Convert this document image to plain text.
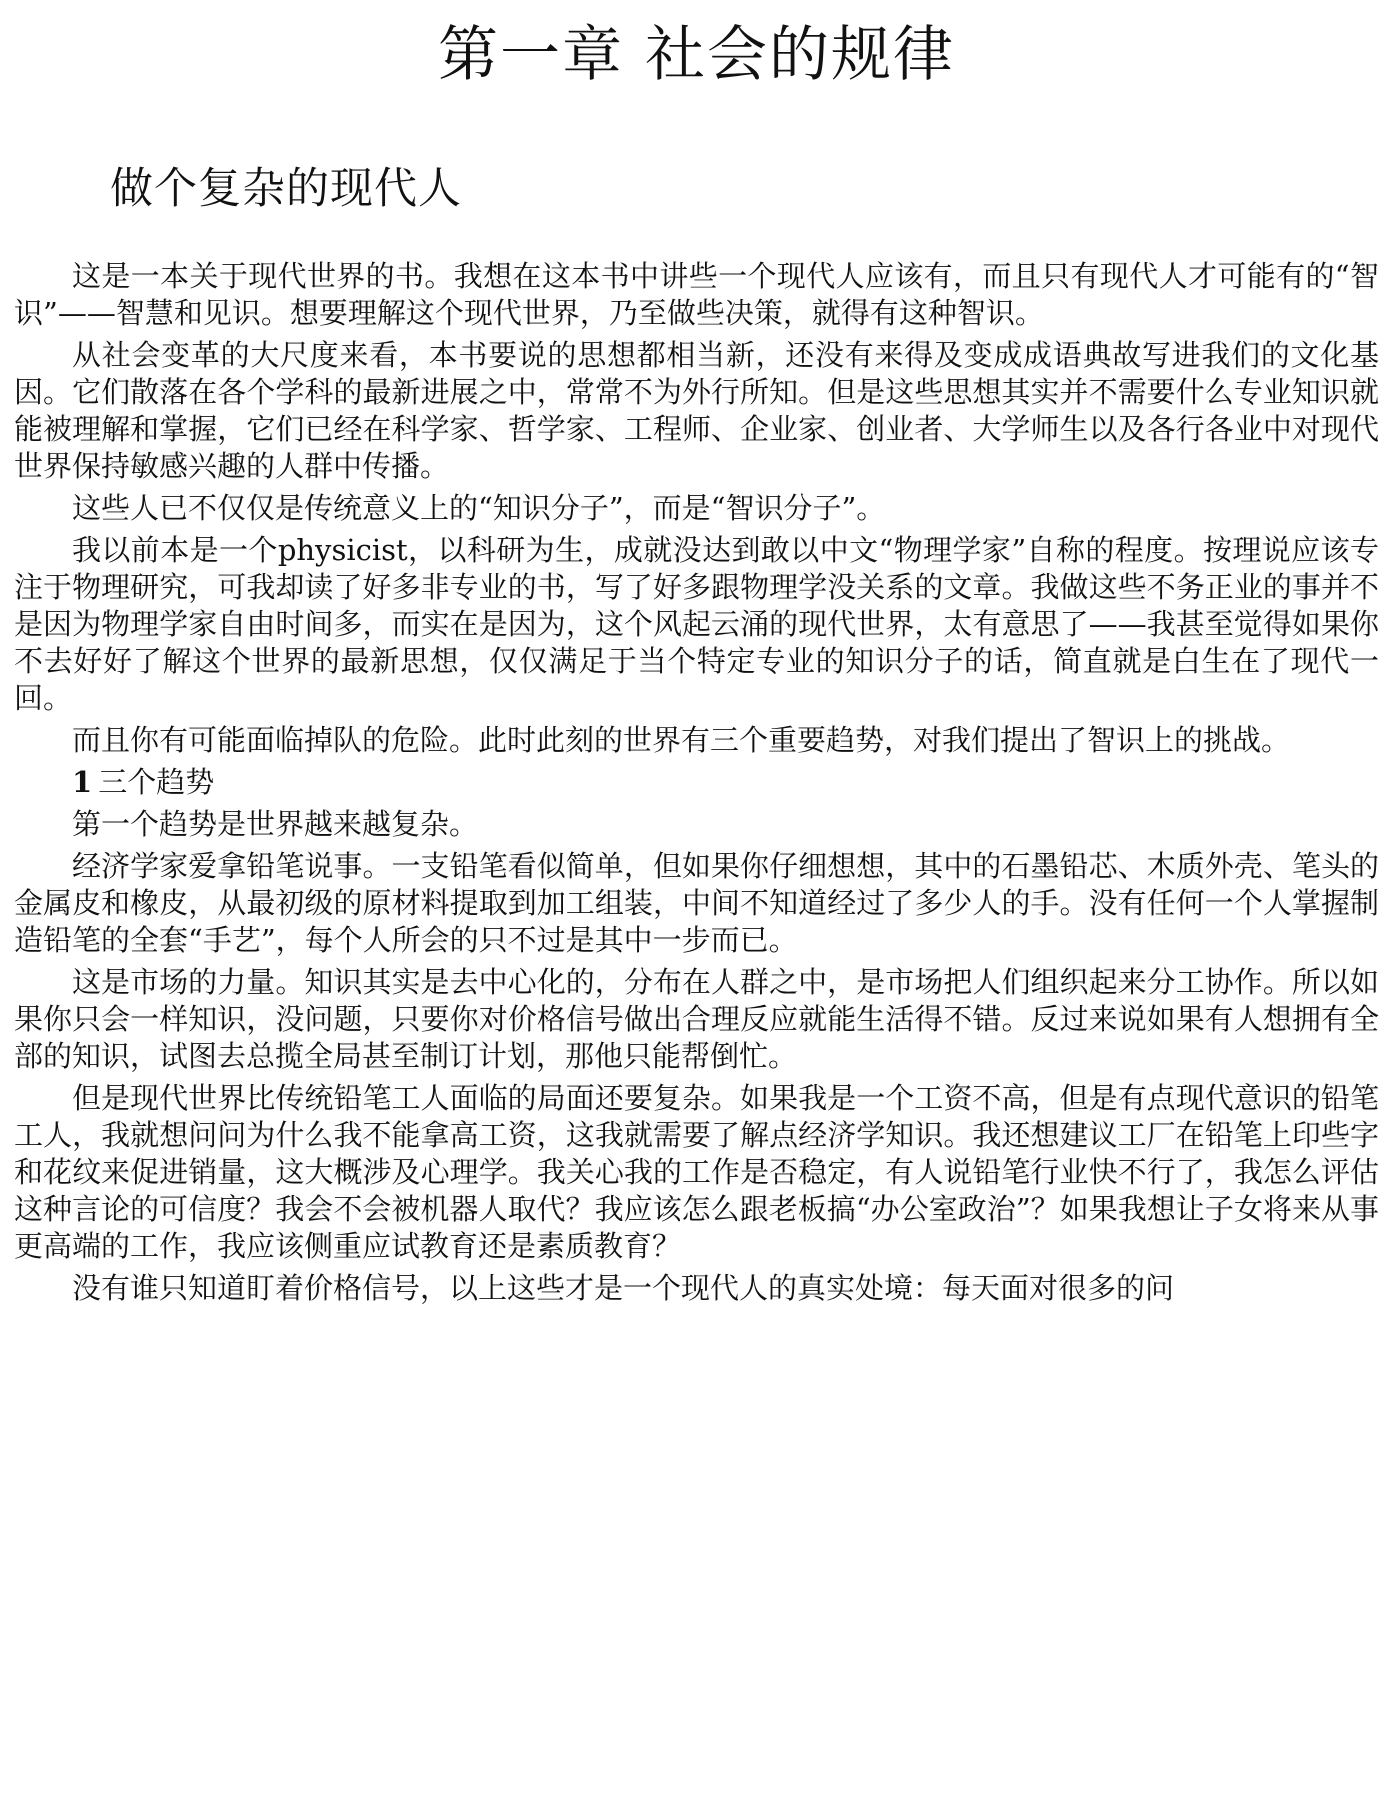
第一章 社会的规律
做个复杂的现代人

这是一本关于现代世界的书。我想在这本书中讲些一个现代人应该有，而且只有现代人才可能有的“智识”——智慧和见识。想要理解这个现代世界，乃至做些决策，就得有这种智识。

从社会变革的大尺度来看，本书要说的思想都相当新，还没有来得及变成成语典故写进我们的文化基因。它们散落在各个学科的最新进展之中，常常不为外行所知。但是这些思想其实并不需要什么专业知识就能被理解和掌握，它们已经在科学家、哲学家、工程师、企业家、创业者、大学师生以及各行各业中对现代世界保持敏感兴趣的人群中传播。

这些人已不仅仅是传统意义上的“知识分子”，而是“智识分子”。

我以前本是一个physicist，以科研为生，成就没达到敢以中文“物理学家”自称的程度。按理说应该专注于物理研究，可我却读了好多非专业的书，写了好多跟物理学没关系的文章。我做这些不务正业的事并不是因为物理学家自由时间多，而实在是因为，这个风起云涌的现代世界，太有意思了——我甚至觉得如果你不去好好了解这个世界的最新思想，仅仅满足于当个特定专业的知识分子的话，简直就是白生在了现代一回。

而且你有可能面临掉队的危险。此时此刻的世界有三个重要趋势，对我们提出了智识上的挑战。

1 三个趋势

第一个趋势是世界越来越复杂。

经济学家爱拿铅笔说事。一支铅笔看似简单，但如果你仔细想想，其中的石墨铅芯、木质外壳、笔头的金属皮和橡皮，从最初级的原材料提取到加工组装，中间不知道经过了多少人的手。没有任何一个人掌握制造铅笔的全套“手艺”，每个人所会的只不过是其中一步而已。

这是市场的力量。知识其实是去中心化的，分布在人群之中，是市场把人们组织起来分工协作。所以如果你只会一样知识，没问题，只要你对价格信号做出合理反应就能生活得不错。反过来说如果有人想拥有全部的知识，试图去总揽全局甚至制订计划，那他只能帮倒忙。

但是现代世界比传统铅笔工人面临的局面还要复杂。如果我是一个工资不高，但是有点现代意识的铅笔工人，我就想问问为什么我不能拿高工资，这我就需要了解点经济学知识。我还想建议工厂在铅笔上印些字和花纹来促进销量，这大概涉及心理学。我关心我的工作是否稳定，有人说铅笔行业快不行了，我怎么评估这种言论的可信度？我会不会被机器人取代？我应该怎么跟老板搞“办公室政治”？如果我想让子女将来从事更高端的工作，我应该侧重应试教育还是素质教育？

没有谁只知道盯着价格信号，以上这些才是一个现代人的真实处境：每天面对很多的问
